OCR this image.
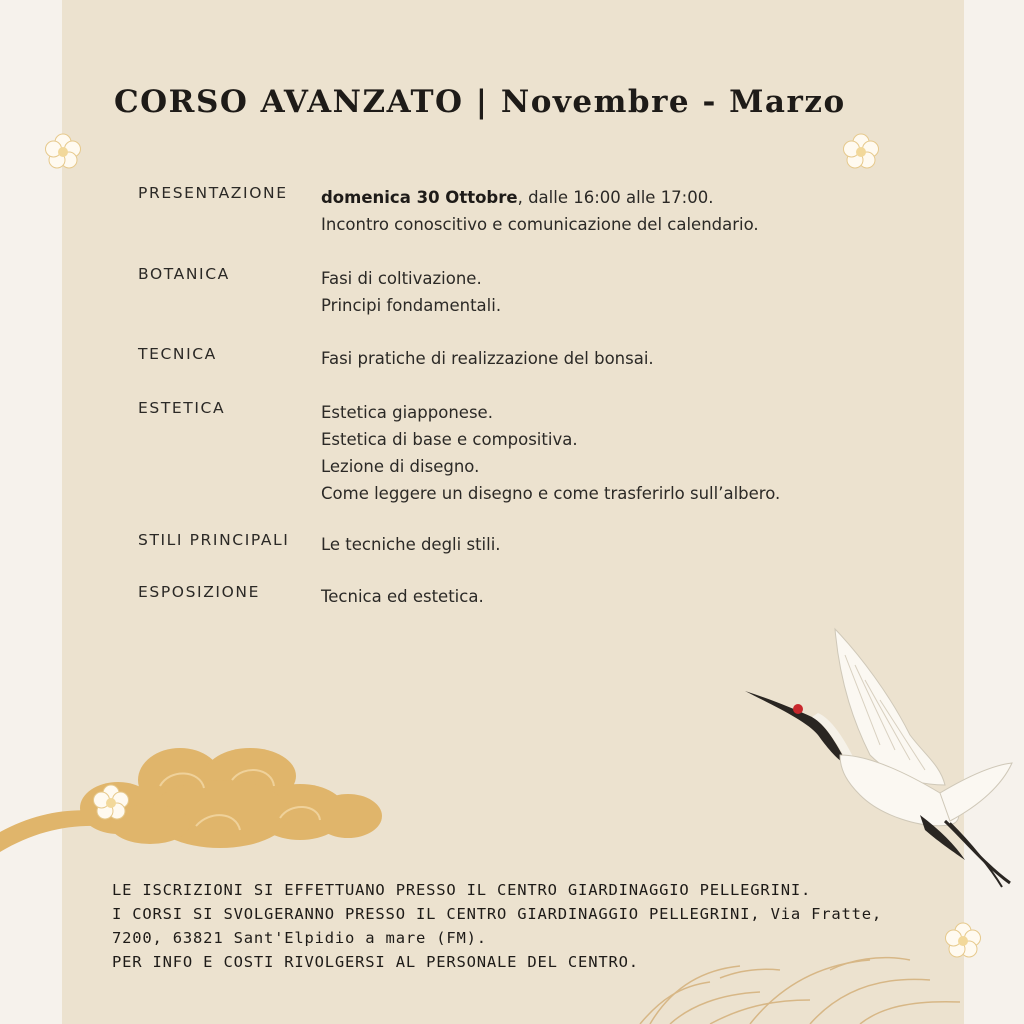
CORSO AVANZATO | Novembre - Marzo
PRESENTAZIONE domenica 30 Ottobre, dalle 16:00 alle 17:00.
Incontro conoscitivo e comunicazione del calendario.
BOTANICA	Fasi di coltivazione.
Principi fondamentali.
TECNICA	Fasi pratiche di realizzazione del bonsai.
ESTETICA	Estetica giapponese.
Estetica di base e compositiva.
Lezione di disegno.
Come leggere un disegno e come trasferirlo sull’albero.
STILI PRINCIPALI Le tecniche degli stili.
ESPOSIZIONE	Tecnica ed estetica.
LE ISCRIZIONI SI EFFETTUANO PRESSO IL CENTRO GIARDINAGGIO PELLEGRINI.
I CORSI SI SVOLGERANNO PRESSO IL CENTRO GIARDINAGGIO PELLEGRINI, Via Fratte,
7200, 63821 Sant'Elpidio a mare (FM).
PER INFO E COSTI RIVOLGERSI AL PERSONALE DEL CENTRO.
